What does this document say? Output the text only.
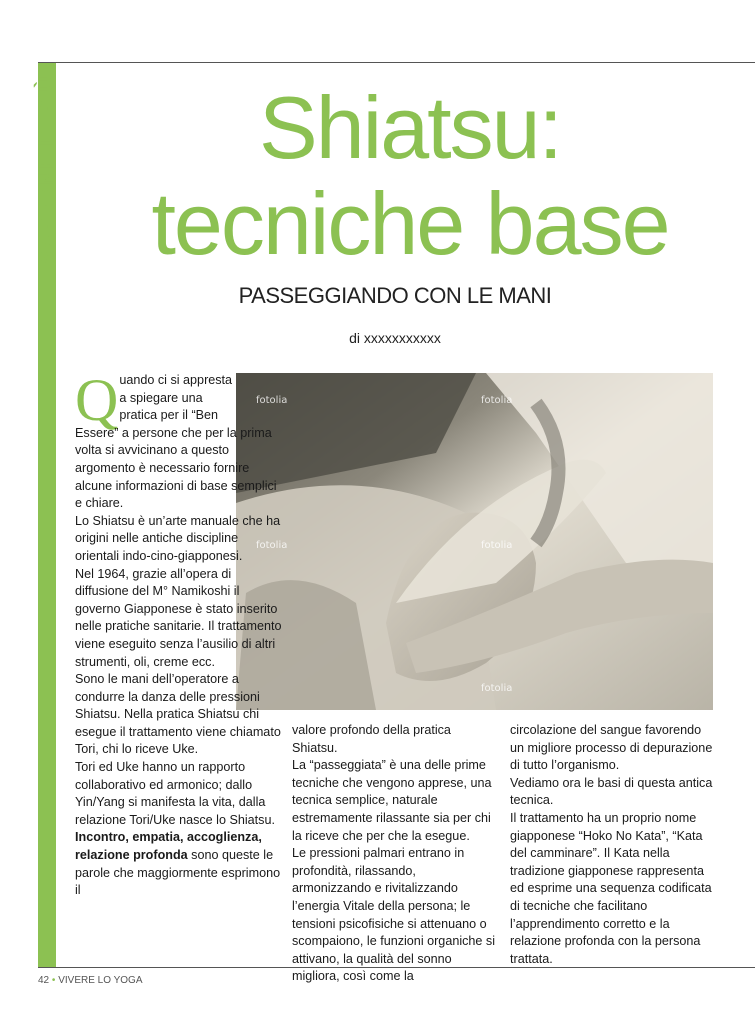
SAPERNE DI PIÙ	Shiatsu:
tecniche base
PASSEGGIANDO CON LE MANI
di xxxxxxxxxxx
fotolia	fotolia
fotolia	fotolia
fotolia

Q uando ci si appresta
a spiegare una
pratica per il “Ben
Essere” a persone che per la prima volta si avvicinano a questo argomento è necessario fornire alcune informazioni di base semplici e chiare.

Lo Shiatsu è un’arte manuale che ha origini nelle antiche discipline orientali indo-cino-giapponesi.

Nel 1964, grazie all’opera di diffusione del M° Namikoshi il governo Giapponese è stato inserito nelle pratiche sanitarie. Il trattamento viene eseguito senza l’ausilio di altri strumenti, oli, creme ecc.

Sono le mani dell’operatore a condurre la danza delle pressioni Shiatsu. Nella pratica Shiatsu chi esegue il trattamento viene chiamato Tori, chi lo riceve Uke.

Tori ed Uke hanno un rapporto collaborativo ed armonico; dallo Yin/Yang si manifesta la vita, dalla relazione Tori/Uke nasce lo Shiatsu.

Incontro, empatia, accoglienza, relazione profonda sono queste le parole che maggiormente esprimono il

valore profondo della pratica Shiatsu.

La “passeggiata” è una delle prime tecniche che vengono apprese, una tecnica semplice, naturale estremamente rilassante sia per chi la riceve che per che la esegue.

Le pressioni palmari entrano in profondità, rilassando, armonizzando e rivitalizzando l’energia Vitale della persona; le tensioni psicofisiche si attenuano o scompaiono, le funzioni organiche si attivano, la qualità del sonno migliora, così come la

circolazione del sangue favorendo un migliore processo di depurazione di tutto l’organismo.

Vediamo ora le basi di questa antica tecnica.

Il trattamento ha un proprio nome giapponese “Hoko No Kata”, “Kata del camminare”. Il Kata nella tradizione giapponese rappresenta ed esprime una sequenza codificata di tecniche che facilitano l’apprendimento corretto e la relazione profonda con la persona trattata.

42 • VIVERE LO YOGA
